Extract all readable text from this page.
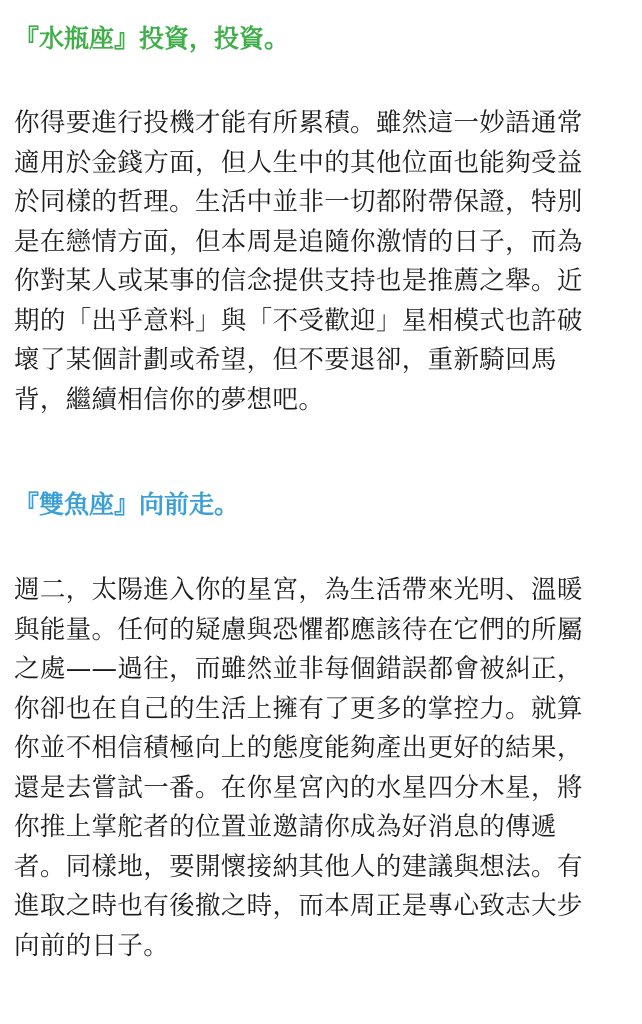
『水瓶座』投資，投資。

你得要進行投機才能有所累積。雖然這一妙語通常
適用於金錢方面，但人生中的其他位面也能夠受益
於同樣的哲理。生活中並非一切都附帶保證，特別
是在戀情方面，但本周是追隨你激情的日子，而為
你對某人或某事的信念提供支持也是推薦之舉。近
期的「出乎意料」與「不受歡迎」星相模式也許破
壞了某個計劃或希望，但不要退卻，重新騎回馬
背，繼續相信你的夢想吧。

『雙魚座』向前走。

週二，太陽進入你的星宮，為生活帶來光明、溫暖
與能量。任何的疑慮與恐懼都應該待在它們的所屬
之處——過往，而雖然並非每個錯誤都會被糾正，
你卻也在自己的生活上擁有了更多的掌控力。就算
你並不相信積極向上的態度能夠產出更好的結果，
還是去嘗試一番。在你星宮內的水星四分木星，將
你推上掌舵者的位置並邀請你成為好消息的傳遞
者。同樣地，要開懷接納其他人的建議與想法。有
進取之時也有後撤之時，而本周正是專心致志大步
向前的日子。
